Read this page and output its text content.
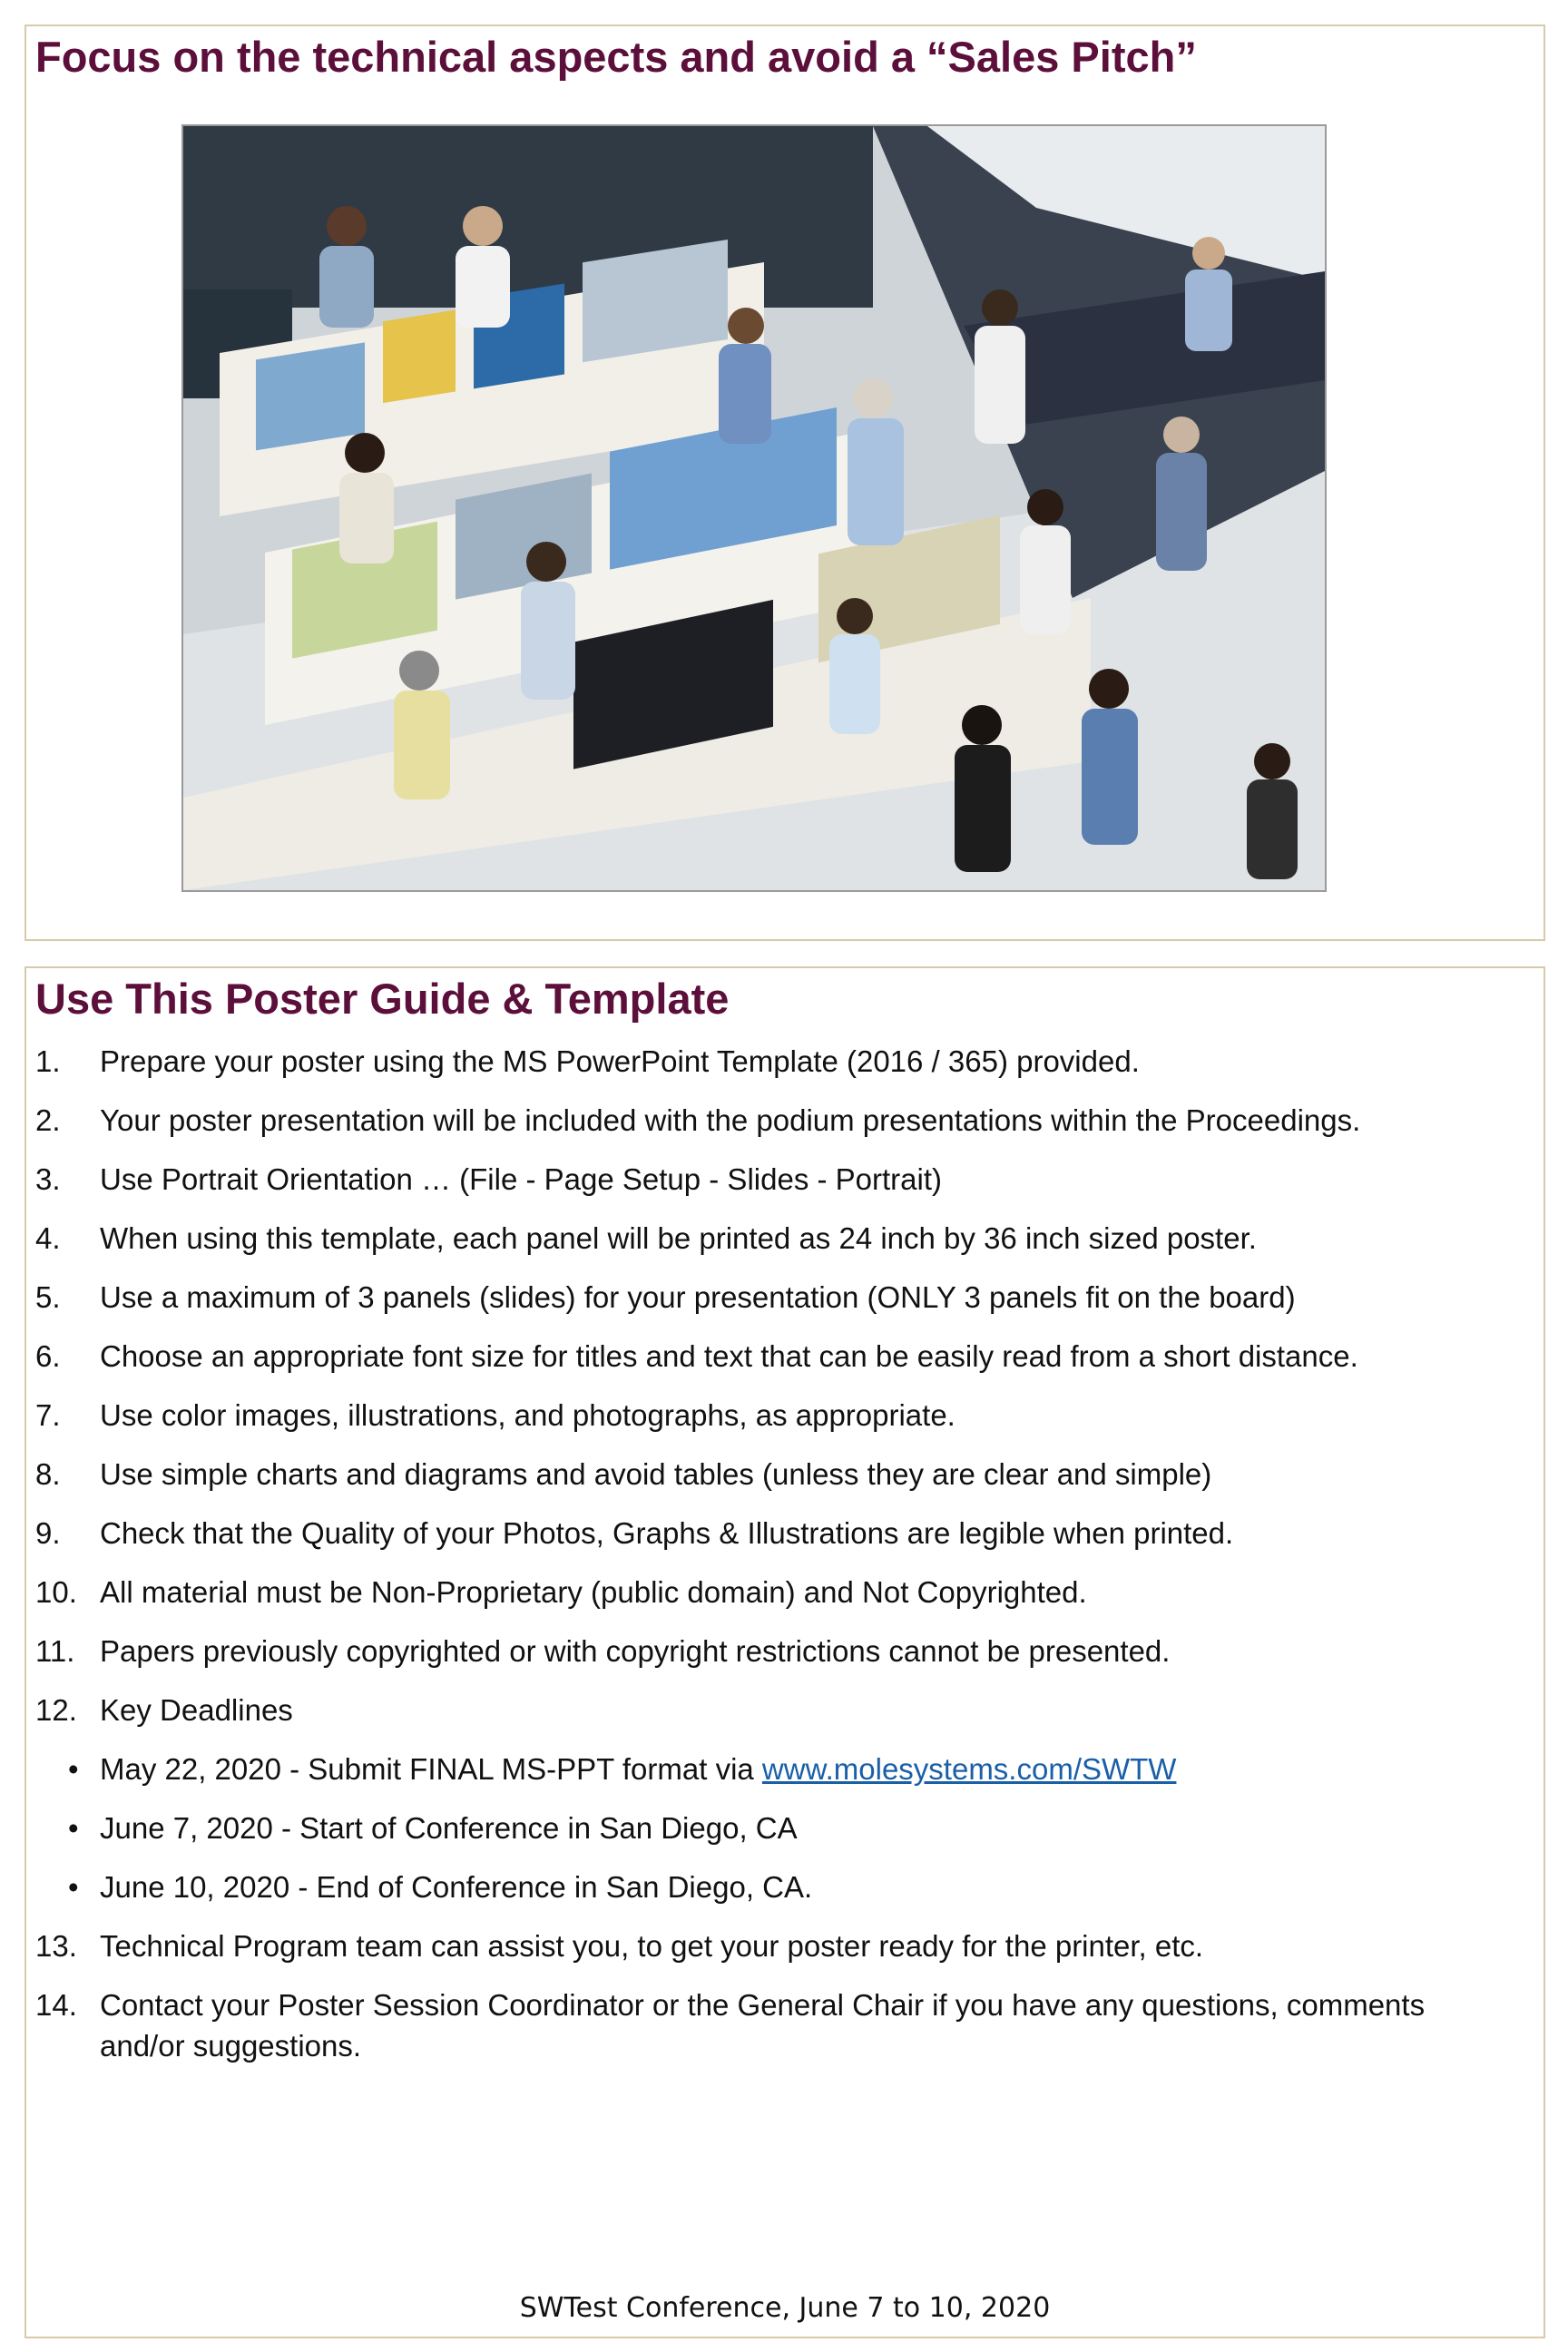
Focus on the technical aspects and avoid a “Sales Pitch”
Use This Poster Guide & Template
1. Prepare your poster using the MS PowerPoint Template (2016 / 365) provided.
2. Your poster presentation will be included with the podium presentations within the Proceedings.
3. Use Portrait Orientation … (File - Page Setup - Slides - Portrait)
4. When using this template, each panel will be printed as 24 inch by 36 inch sized poster.
5. Use a maximum of 3 panels (slides) for your presentation (ONLY 3 panels fit on the board)
6. Choose an appropriate font size for titles and text that can be easily read from a short distance.
7. Use color images, illustrations, and photographs, as appropriate.
8. Use simple charts and diagrams and avoid tables (unless they are clear and simple)
9. Check that the Quality of your Photos, Graphs & Illustrations are legible when printed.
10. All material must be Non-Proprietary (public domain) and Not Copyrighted.
11. Papers previously copyrighted or with copyright restrictions cannot be presented.
12. Key Deadlines
• May 22, 2020 - Submit FINAL MS-PPT format via www.molesystems.com/SWTW
• June 7, 2020 - Start of Conference in San Diego, CA
• June 10, 2020 - End of Conference in San Diego, CA.
13. Technical Program team can assist you, to get your poster ready for the printer, etc.
14. Contact your Poster Session Coordinator or the General Chair if you have any questions, comments and/or suggestions.
SWTest Conference, June 7 to 10, 2020
